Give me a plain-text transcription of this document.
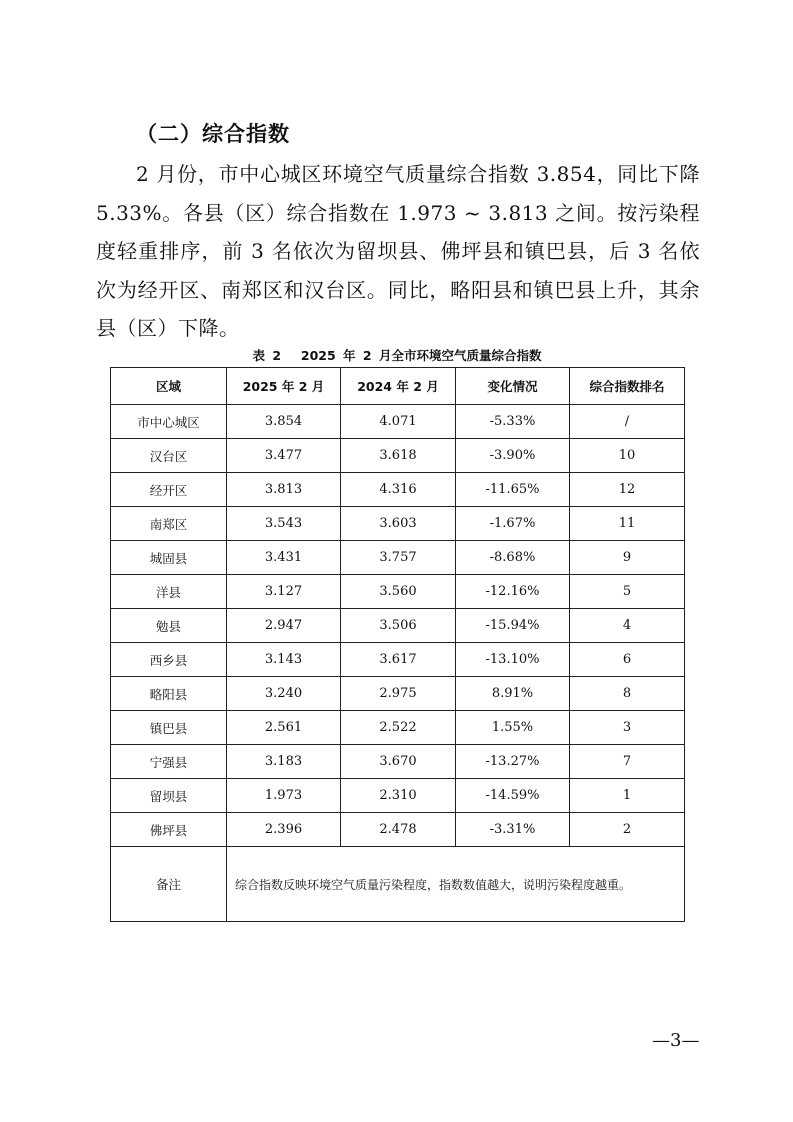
（二）综合指数

2 月份，市中心城区环境空气质量综合指数 3.854，同比下降 5.33%。各县（区）综合指数在 1.973 ~ 3.813 之间。按污染程度轻重排序，前 3 名依次为留坝县、佛坪县和镇巴县，后 3 名依次为经开区、南郑区和汉台区。同比，略阳县和镇巴县上升，其余县（区）下降。

表 2　 2025 年 2 月全市环境空气质量综合指数
区域	2025 年 2 月	2024 年 2 月	变化情况	综合指数排名
市中心城区	3.854	4.071	-5.33%	/
汉台区	3.477	3.618	-3.90%	10
经开区	3.813	4.316	-11.65%	12
南郑区	3.543	3.603	-1.67%	11
城固县	3.431	3.757	-8.68%	9
洋县	3.127	3.560	-12.16%	5
勉县	2.947	3.506	-15.94%	4
西乡县	3.143	3.617	-13.10%	6
略阳县	3.240	2.975	8.91%	8
镇巴县	2.561	2.522	1.55%	3
宁强县	3.183	3.670	-13.27%	7
留坝县	1.973	2.310	-14.59%	1
佛坪县	2.396	2.478	-3.31%	2
备注	综合指数反映环境空气质量污染程度，指数数值越大，说明污染程度越重。			
—3—
